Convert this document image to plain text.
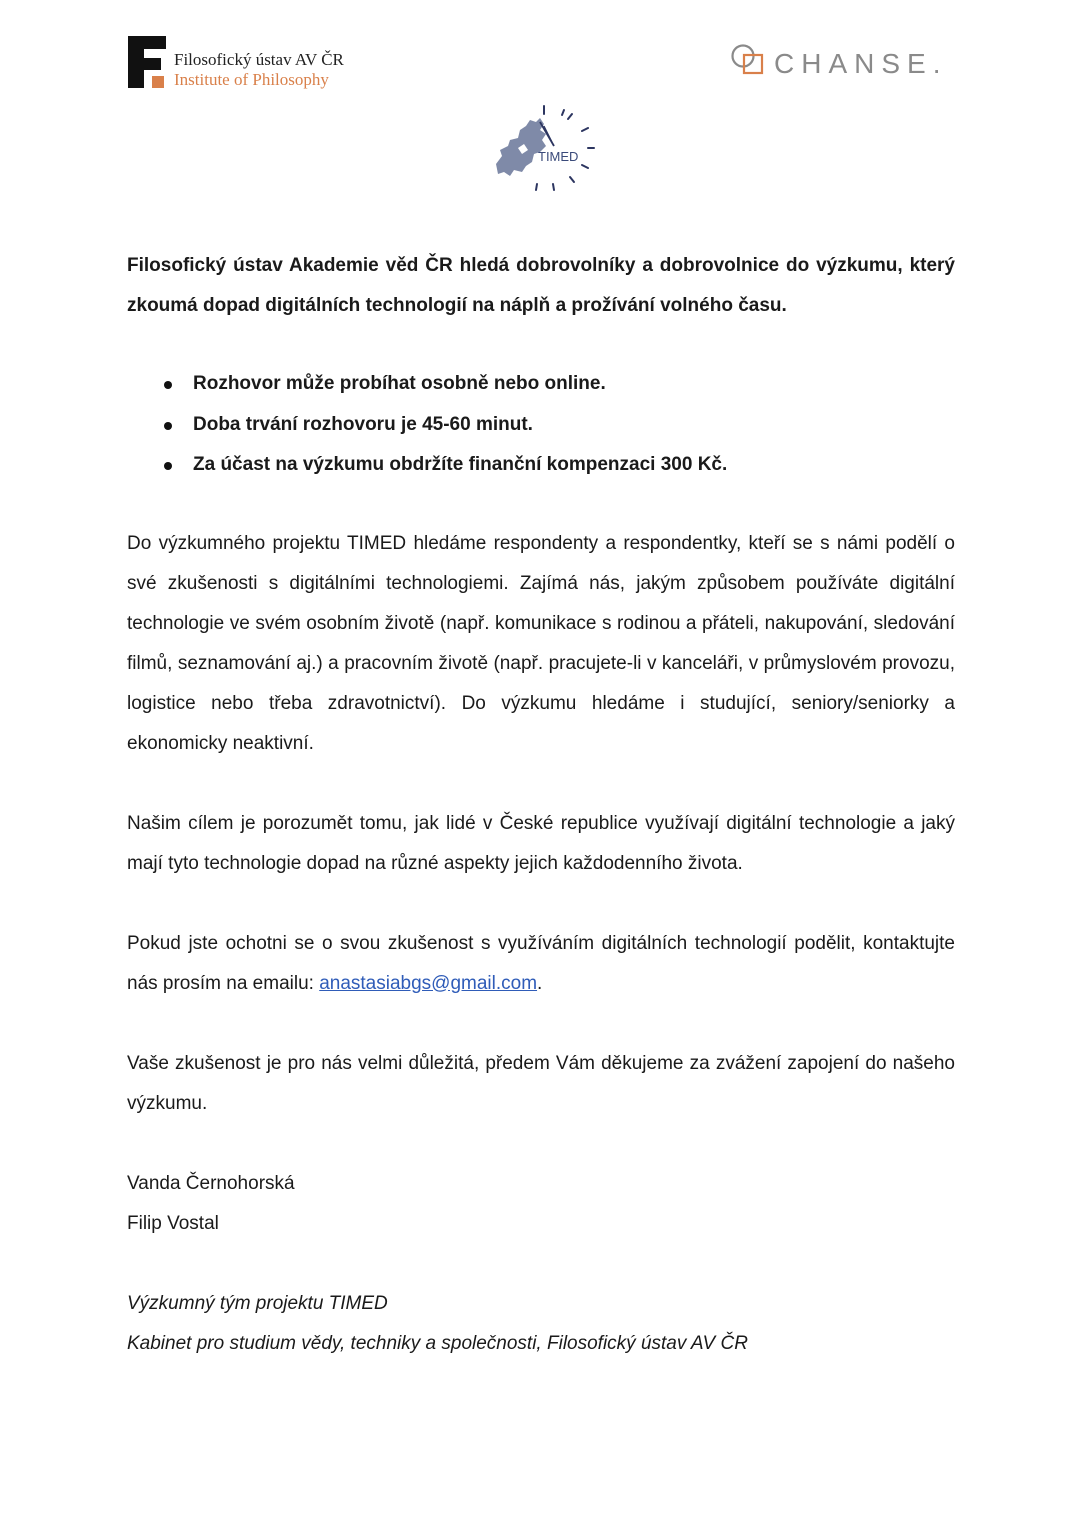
Filosofický ústav AV ČR
Institute of Philosophy
CHANSE.
TIMED

Filosofický ústav Akademie věd ČR hledá dobrovolníky a dobrovolnice do výzkumu, který zkoumá dopad digitálních technologií na náplň a prožívání volného času.

Rozhovor může probíhat osobně nebo online.
Doba trvání rozhovoru je 45-60 minut.
Za účast na výzkumu obdržíte finanční kompenzaci 300 Kč.

Do výzkumného projektu TIMED hledáme respondenty a respondentky, kteří se s námi podělí o své zkušenosti s digitálními technologiemi. Zajímá nás, jakým způsobem používáte digitální technologie ve svém osobním životě (např. komunikace s rodinou a přáteli, nakupování, sledování filmů, seznamování aj.) a pracovním životě (např. pracujete-li v kanceláři, v průmyslovém provozu, logistice nebo třeba zdravotnictví). Do výzkumu hledáme i studující, seniory/seniorky a ekonomicky neaktivní.

Našim cílem je porozumět tomu, jak lidé v České republice využívají digitální technologie a jaký mají tyto technologie dopad na různé aspekty jejich každodenního života.

Pokud jste ochotni se o svou zkušenost s využíváním digitálních technologií podělit, kontaktujte nás prosím na emailu: anastasiabgs@gmail.com.

Vaše zkušenost je pro nás velmi důležitá, předem Vám děkujeme za zvážení zapojení do našeho výzkumu.

Vanda Černohorská

Filip Vostal

Výzkumný tým projektu TIMED

Kabinet pro studium vědy, techniky a společnosti, Filosofický ústav AV ČR
